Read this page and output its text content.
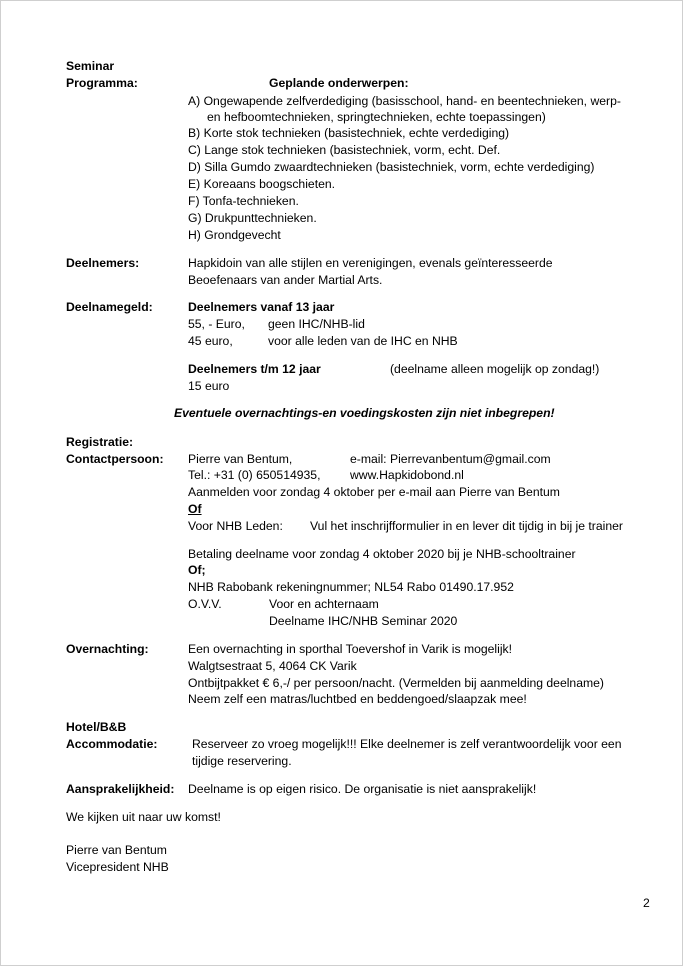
Seminar
Programma:	Geplande onderwerpen:
A) Ongewapende zelfverdediging (basisschool, hand- en beentechnieken, werp-
en hefboomtechnieken, springtechnieken, echte toepassingen)
B) Korte stok technieken (basistechniek, echte verdediging)
C) Lange stok technieken (basistechniek, vorm, echt. Def.
D) Silla Gumdo zwaardtechnieken (basistechniek, vorm, echte verdediging)
E) Koreaans boogschieten.
F) Tonfa-technieken.
G) Drukpunttechnieken.
H) Grondgevecht
Deelnemers:	Hapkidoin van alle stijlen en verenigingen, evenals geïnteresseerde
Beoefenaars van ander Martial Arts.
Deelnamegeld:	Deelnemers vanaf 13 jaar
55, - Euro, geen IHC/NHB-lid
45 euro,	voor alle leden van de IHC en NHB
Deelnemers t/m 12 jaar	(deelname alleen mogelijk op zondag!)
15 euro
Eventuele overnachtings-en voedingskosten zijn niet inbegrepen!
Registratie:
Contactpersoon: Pierre van Bentum,	e-mail: Pierrevanbentum@gmail.com
Tel.: +31 (0) 650514935, www.Hapkidobond.nl
Aanmelden voor zondag 4 oktober per e-mail aan Pierre van Bentum
Of
Voor NHB Leden: Vul het inschrijfformulier in en lever dit tijdig in bij je trainer
Betaling deelname voor zondag 4 oktober 2020 bij je NHB-schooltrainer
Of;
NHB Rabobank rekeningnummer; NL54 Rabo 01490.17.952
O.V.V.	Voor en achternaam
Deelname IHC/NHB Seminar 2020
Overnachting:	Een overnachting in sporthal Toevershof in Varik is mogelijk!
Walgtsestraat 5, 4064 CK Varik
Ontbijtpakket € 6,-/ per persoon/nacht. (Vermelden bij aanmelding deelname)
Neem zelf een matras/luchtbed en beddengoed/slaapzak mee!
Hotel/B&B
Accommodatie:	Reserveer zo vroeg mogelijk!!! Elke deelnemer is zelf verantwoordelijk voor een
tijdige reservering.
Aansprakelijkheid: Deelname is op eigen risico. De organisatie is niet aansprakelijk!
We kijken uit naar uw komst!
Pierre van Bentum
Vicepresident NHB
2
